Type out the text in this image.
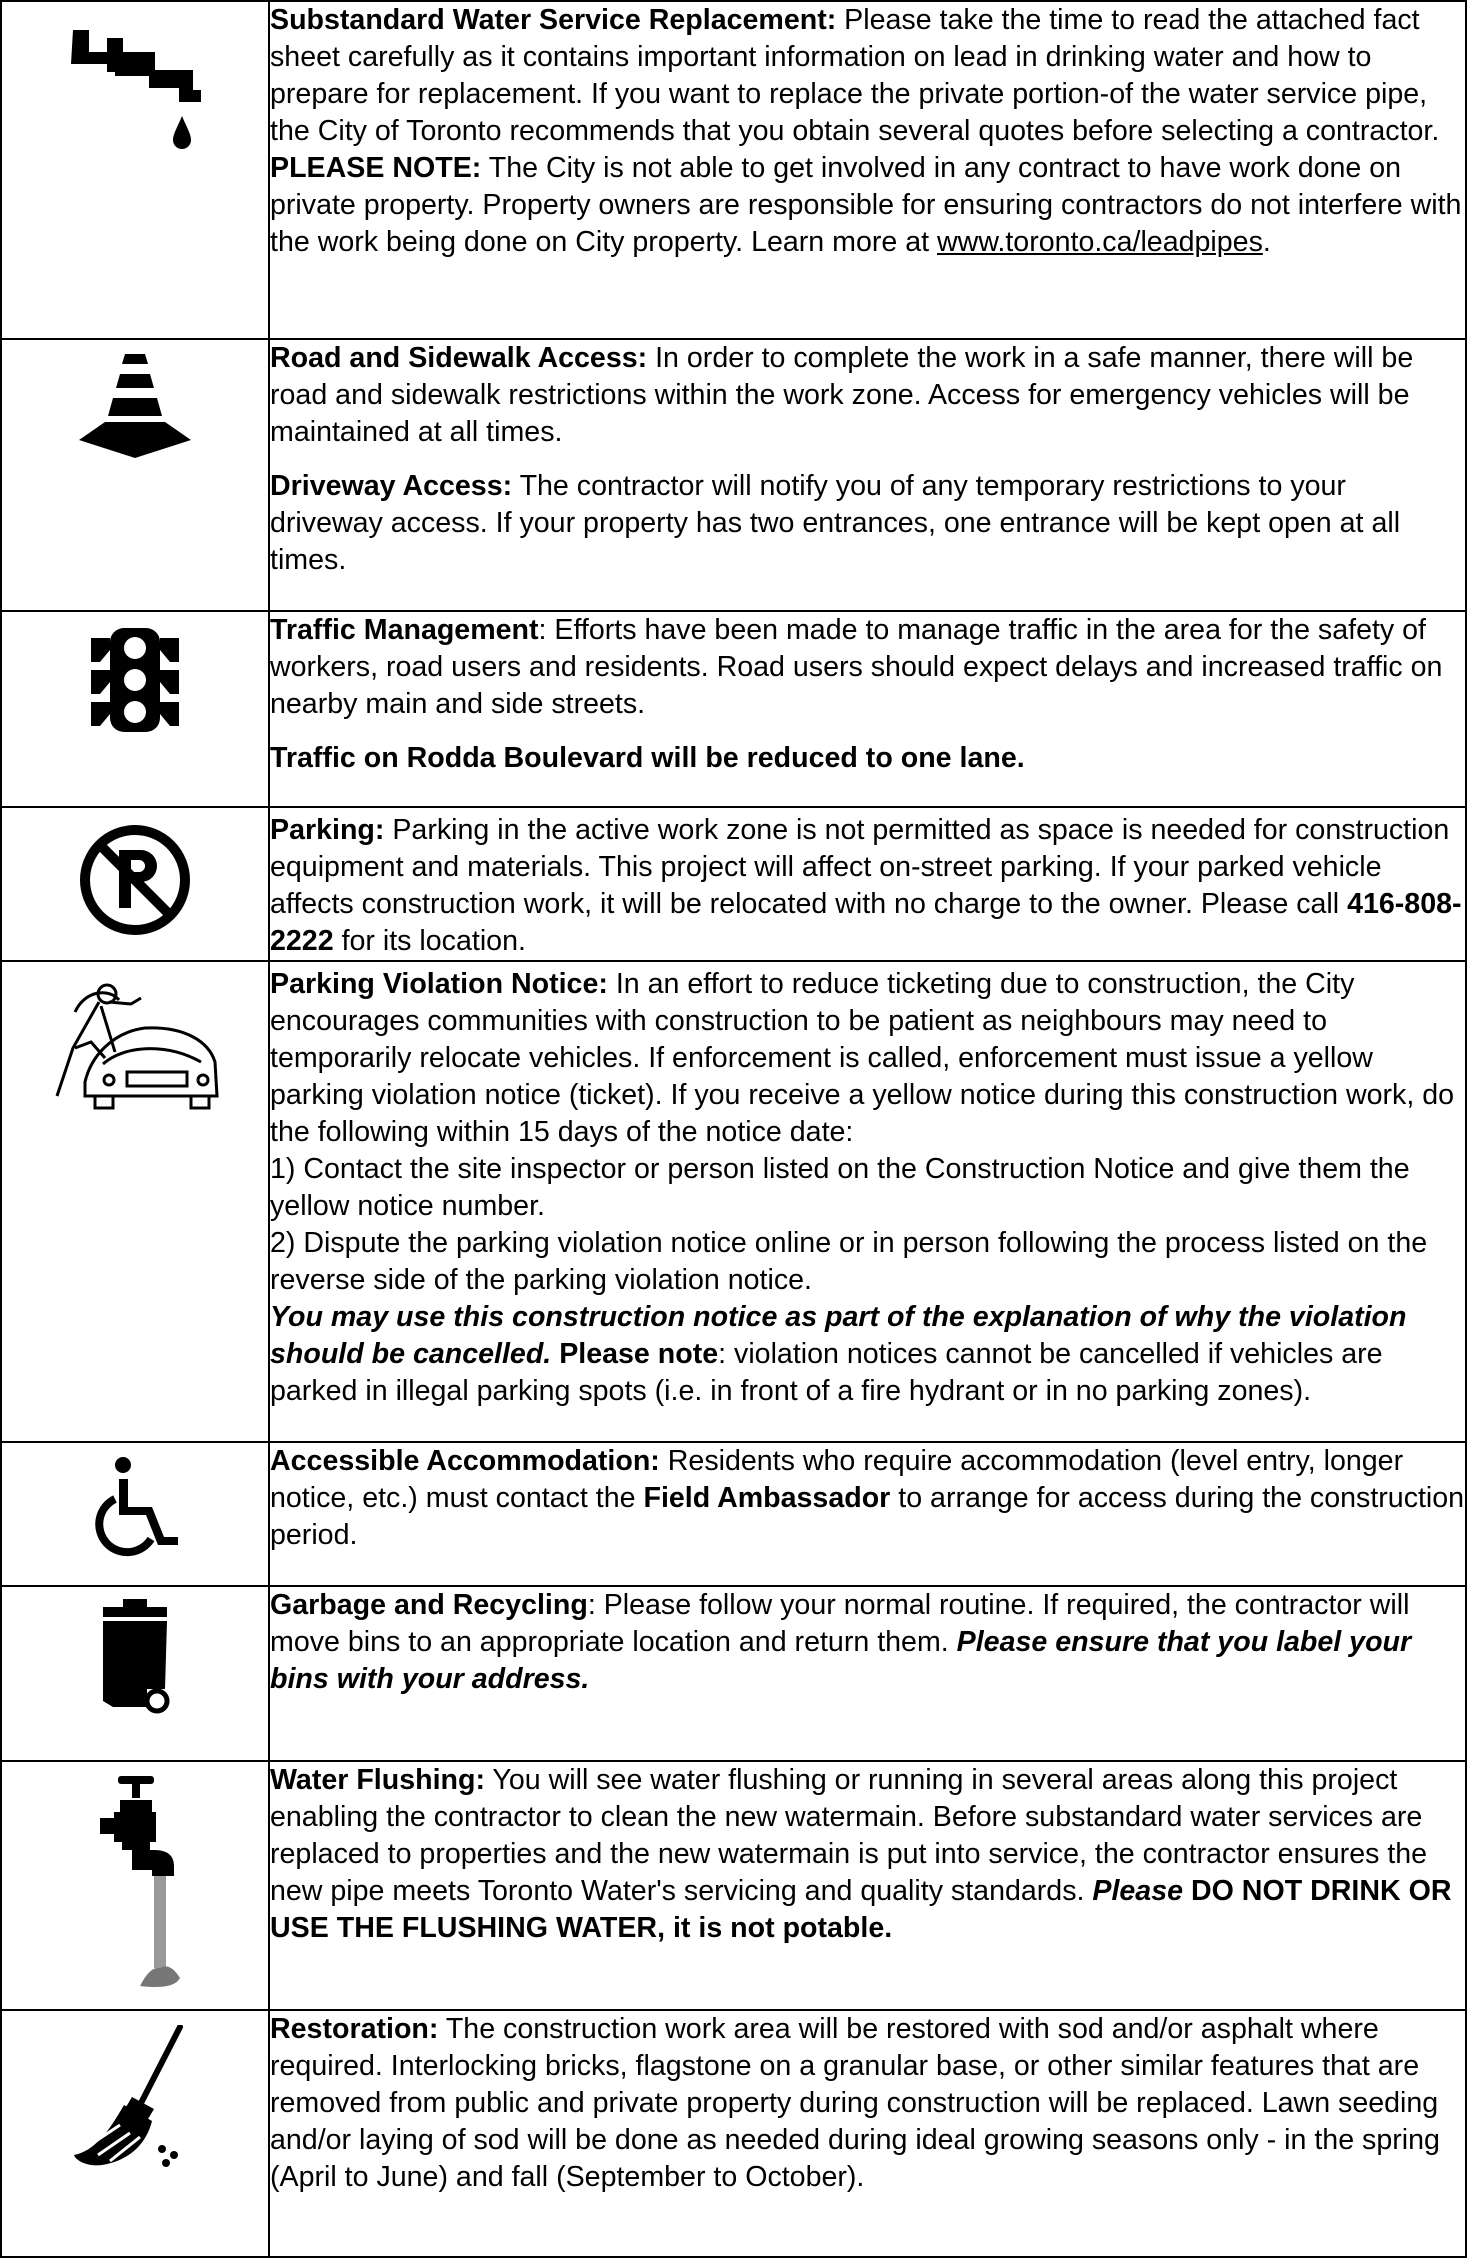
Substandard Water Service Replacement: Please take the time to read the attached fact sheet carefully as it contains important information on lead in drinking water and how to prepare for replacement. If you want to replace the private portion-of the water service pipe, the City of Toronto recommends that you obtain several quotes before selecting a contractor. PLEASE NOTE: The City is not able to get involved in any contract to have work done on private property. Property owners are responsible for ensuring contractors do not interfere with the work being done on City property. Learn more at www.toronto.ca/leadpipes.

Road and Sidewalk Access: In order to complete the work in a safe manner, there will be road and sidewalk restrictions within the work zone. Access for emergency vehicles will be maintained at all times.

Driveway Access: The contractor will notify you of any temporary restrictions to your driveway access. If your property has two entrances, one entrance will be kept open at all times.

Traffic Management: Efforts have been made to manage traffic in the area for the safety of workers, road users and residents. Road users should expect delays and increased traffic on nearby main and side streets.

Traffic on Rodda Boulevard will be reduced to one lane.

Parking: Parking in the active work zone is not permitted as space is needed for construction equipment and materials. This project will affect on-street parking. If your parked vehicle affects construction work, it will be relocated with no charge to the owner. Please call 416-808-2222 for its location.

Parking Violation Notice: In an effort to reduce ticketing due to construction, the City encourages communities with construction to be patient as neighbours may need to temporarily relocate vehicles. If enforcement is called, enforcement must issue a yellow parking violation notice (ticket). If you receive a yellow notice during this construction work, do the following within 15 days of the notice date:
1) Contact the site inspector or person listed on the Construction Notice and give them the yellow notice number.
2) Dispute the parking violation notice online or in person following the process listed on the reverse side of the parking violation notice.
You may use this construction notice as part of the explanation of why the violation should be cancelled. Please note: violation notices cannot be cancelled if vehicles are parked in illegal parking spots (i.e. in front of a fire hydrant or in no parking zones).

Accessible Accommodation: Residents who require accommodation (level entry, longer notice, etc.) must contact the Field Ambassador to arrange for access during the construction period.

Garbage and Recycling: Please follow your normal routine. If required, the contractor will move bins to an appropriate location and return them. Please ensure that you label your bins with your address.

Water Flushing: You will see water flushing or running in several areas along this project enabling the contractor to clean the new watermain. Before substandard water services are replaced to properties and the new watermain is put into service, the contractor ensures the new pipe meets Toronto Water's servicing and quality standards. Please DO NOT DRINK OR USE THE FLUSHING WATER, it is not potable.

Restoration: The construction work area will be restored with sod and/or asphalt where required. Interlocking bricks, flagstone on a granular base, or other similar features that are removed from public and private property during construction will be replaced. Lawn seeding and/or laying of sod will be done as needed during ideal growing seasons only - in the spring (April to June) and fall (September to October).
